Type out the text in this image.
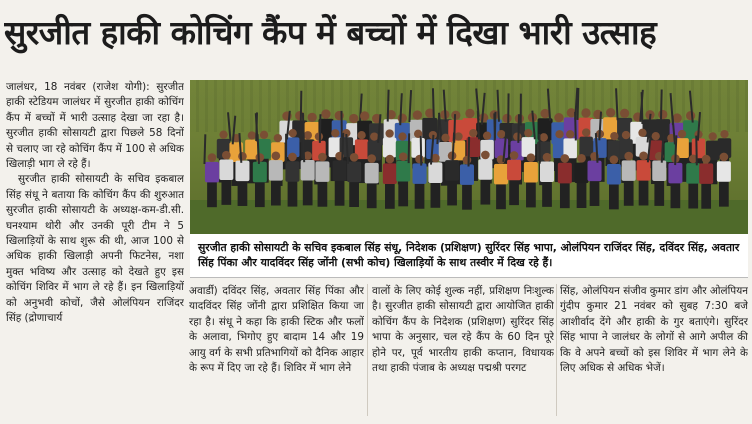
सुरजीत हाकी कोचिंग कैंप में बच्चों में दिखा भारी उत्साह

जालंधर, 18 नवंबर (राजेश योगी): सुरजीत हाकी स्टेडियम जालंधर में सुरजीत हाकी कोचिंग कैंप में बच्चों में भारी उत्साह देखा जा रहा है। सुरजीत हाकी सोसायटी द्वारा पिछले 58 दिनों से चलाए जा रहे कोचिंग कैंप में 100 से अधिक खिलाड़ी भाग ले रहे हैं।

सुरजीत हाकी सोसायटी के सचिव इकबाल सिंह संधू ने बताया कि कोचिंग कैंप की शुरुआत सुरजीत हाकी सोसायटी के अध्यक्ष-कम-डी.सी. घनश्याम थोरी और उनकी पूरी टीम ने 5 खिलाड़ियों के साथ शुरू की थी, आज 100 से अधिक हाकी खिलाड़ी अपनी फिटनेस, नशा मुक्त भविष्य और उत्साह को देखते हुए इस कोचिंग शिविर में भाग ले रहे हैं। इन खिलाड़ियों को अनुभवी कोचों, जैसे ओलंपियन राजिंदर सिंह (द्रोणाचार्य

सुरजीत हाकी सोसायटी के सचिव इकबाल सिंह संधू, निदेशक (प्रशिक्षण) सुरिंदर सिंह भापा, ओलंपियन राजिंदर सिंह, दविंदर सिंह, अवतार सिंह पिंका और यादविंदर सिंह जोंनी (सभी कोच) खिलाड़ियों के साथ तस्वीर में दिख रहे हैं।

अवार्डी) दविंदर सिंह, अवतार सिंह पिंका और यादविंदर सिंह जोंनी द्वारा प्रशिक्षित किया जा रहा है। संधू ने कहा कि हाकी स्टिक और फलों के अलावा, भिगोए हुए बादाम 14 और 19 आयु वर्ग के सभी प्रतिभागियों को दैनिक आहार के रूप में दिए जा रहे हैं। शिविर में भाग लेने

वालों के लिए कोई शुल्क नहीं, प्रशिक्षण निःशुल्क है। सुरजीत हाकी सोसायटी द्वारा आयोजित हाकी कोचिंग कैंप के निदेशक (प्रशिक्षण) सुरिंदर सिंह भापा के अनुसार, चल रहे कैंप के 60 दिन पूरे होने पर, पूर्व भारतीय हाकी कप्तान, विधायक तथा हाकी पंजाब के अध्यक्ष पद्मश्री परगट

सिंह, ओलंपियन संजीव कुमार डांग और ओलंपियन गुंदीप कुमार 21 नवंबर को सुबह 7:30 बजे आशीर्वाद देंगे और हाकी के गुर बताएंगे। सुरिंदर सिंह भापा ने जालंधर के लोगों से आगे अपील की कि वे अपने बच्चों को इस शिविर में भाग लेने के लिए अधिक से अधिक भेजें।
